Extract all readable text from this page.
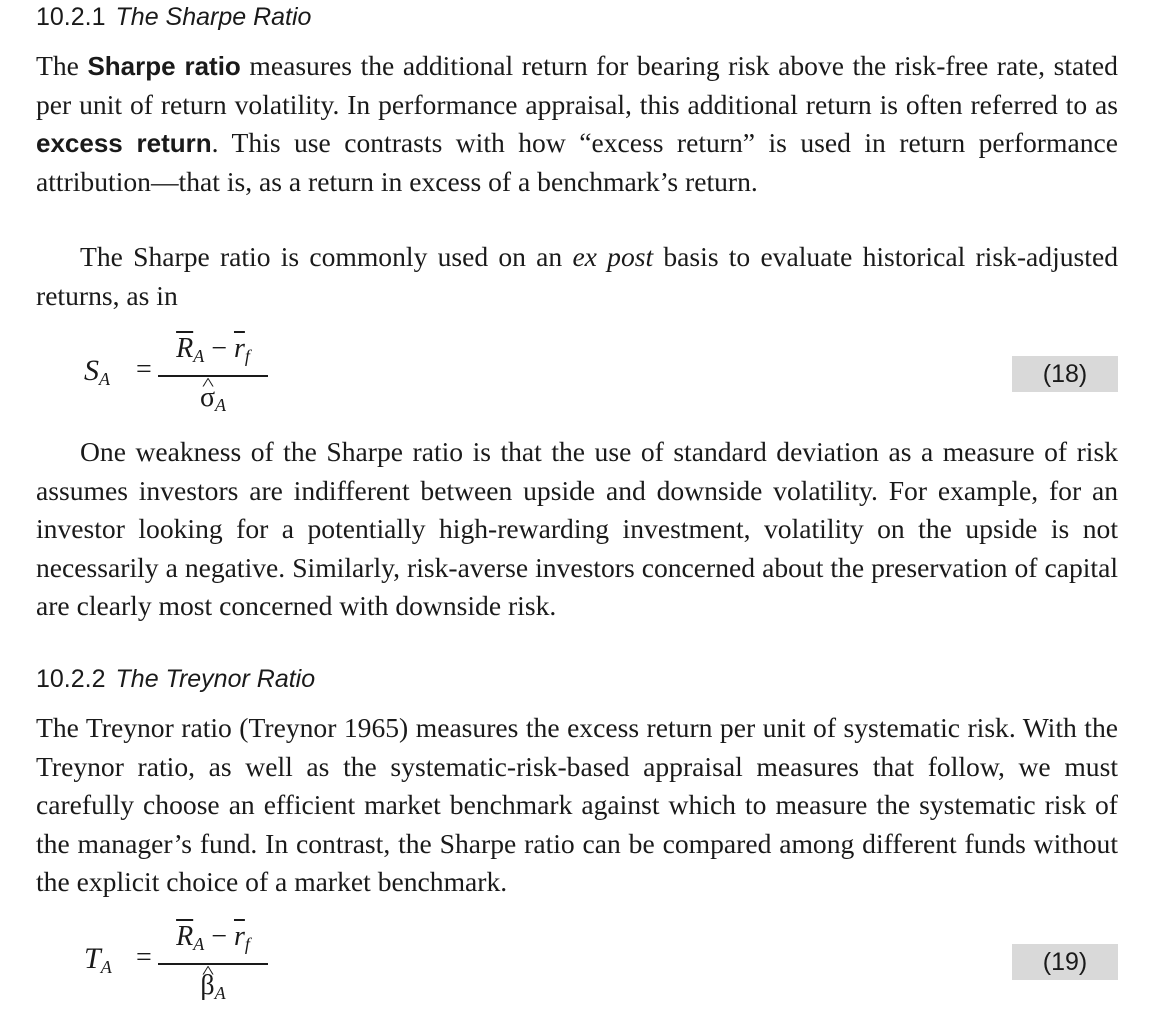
10.2.1 The Sharpe Ratio

The Sharpe ratio measures the additional return for bearing risk above the risk-free rate, stated per unit of return volatility. In performance appraisal, this additional return is often referred to as excess return. This use contrasts with how “excess return” is used in return performance attribution—that is, as a return in excess of a benchmark’s return.

The Sharpe ratio is commonly used on an ex post basis to evaluate historical risk-adjusted returns, as in

$S_A$ =
$\overline{R}_A - \overline{r}_f$
^ $\sigma_A$
(18)

One weakness of the Sharpe ratio is that the use of standard deviation as a measure of risk assumes investors are indifferent between upside and downside volatility. For example, for an investor looking for a potentially high-rewarding investment, volatility on the upside is not necessarily a negative. Similarly, risk-averse investors concerned about the preservation of capital are clearly most concerned with downside risk.

10.2.2 The Treynor Ratio

The Treynor ratio (Treynor 1965) measures the excess return per unit of systematic risk. With the Treynor ratio, as well as the systematic-risk-based appraisal measures that follow, we must carefully choose an efficient market benchmark against which to measure the systematic risk of the manager’s fund. In contrast, the Sharpe ratio can be compared among different funds without the explicit choice of a market benchmark.

$T_A$ =
$\overline{R}_A - \overline{r}_f$
^ $\beta_A$
(19)
